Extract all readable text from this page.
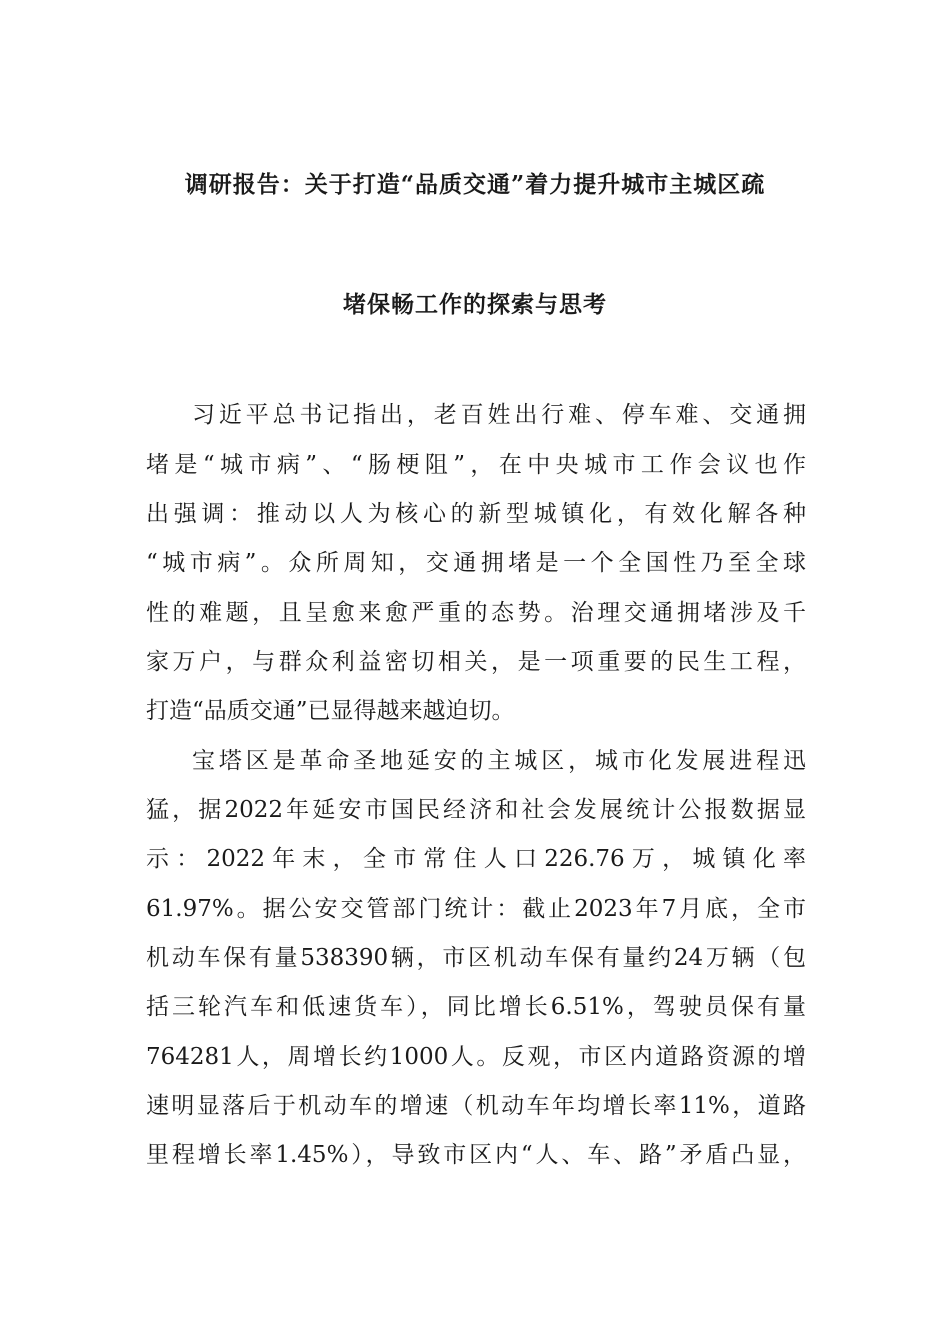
调研报告：关于打造“品质交通”着力提升城市主城区疏
堵保畅工作的探索与思考
习近平总书记指出，老百姓出行难、停车难、交通拥
堵是“城市病”、“肠梗阻”，在中央城市工作会议也作
出强调：推动以人为核心的新型城镇化，有效化解各种
“城市病”。众所周知，交通拥堵是一个全国性乃至全球
性的难题，且呈愈来愈严重的态势。治理交通拥堵涉及千
家万户，与群众利益密切相关，是一项重要的民生工程，
打造“品质交通”已显得越来越迫切。
宝塔区是革命圣地延安的主城区，城市化发展进程迅
猛，据2022年延安市国民经济和社会发展统计公报数据显
示：2022年末，全市常住人口226.76万，城镇化率
61.97%。据公安交管部门统计：截止2023年7月底，全市
机动车保有量538390辆，市区机动车保有量约24万辆（包
括三轮汽车和低速货车），同比增长6.51%，驾驶员保有量
764281人，周增长约1000人。反观，市区内道路资源的增
速明显落后于机动车的增速（机动车年均增长率11%，道路
里程增长率1.45%），导致市区内“人、车、路”矛盾凸显，
